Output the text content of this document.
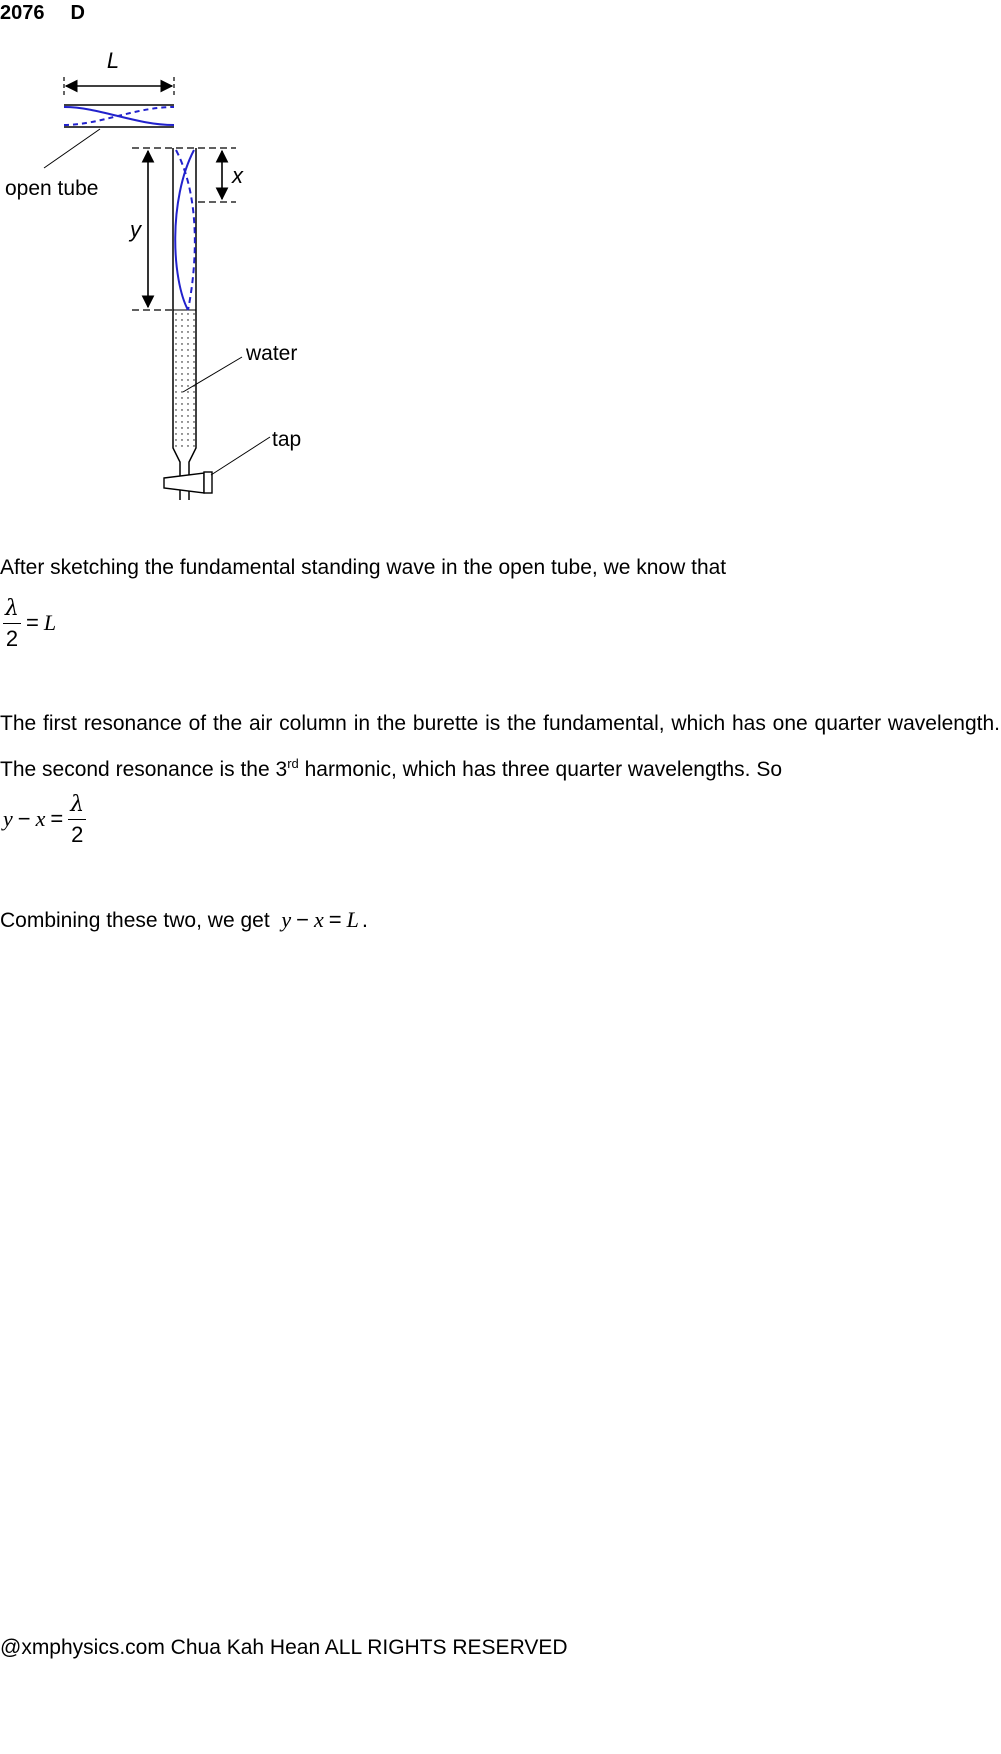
2076 D
L
open tube
y
x
water
tap
After sketching the fundamental standing wave in the open tube, we know that
$\frac{\lambda}{2} = L$
The first resonance of the air column in the burette is the fundamental, which has one quarter wavelength. The second resonance is the 3rd harmonic, which has three quarter wavelengths. So
$y - x = \frac{\lambda}{2}$
Combining these two, we get y − x = L .
@xmphysics.com Chua Kah Hean ALL RIGHTS RESERVED
